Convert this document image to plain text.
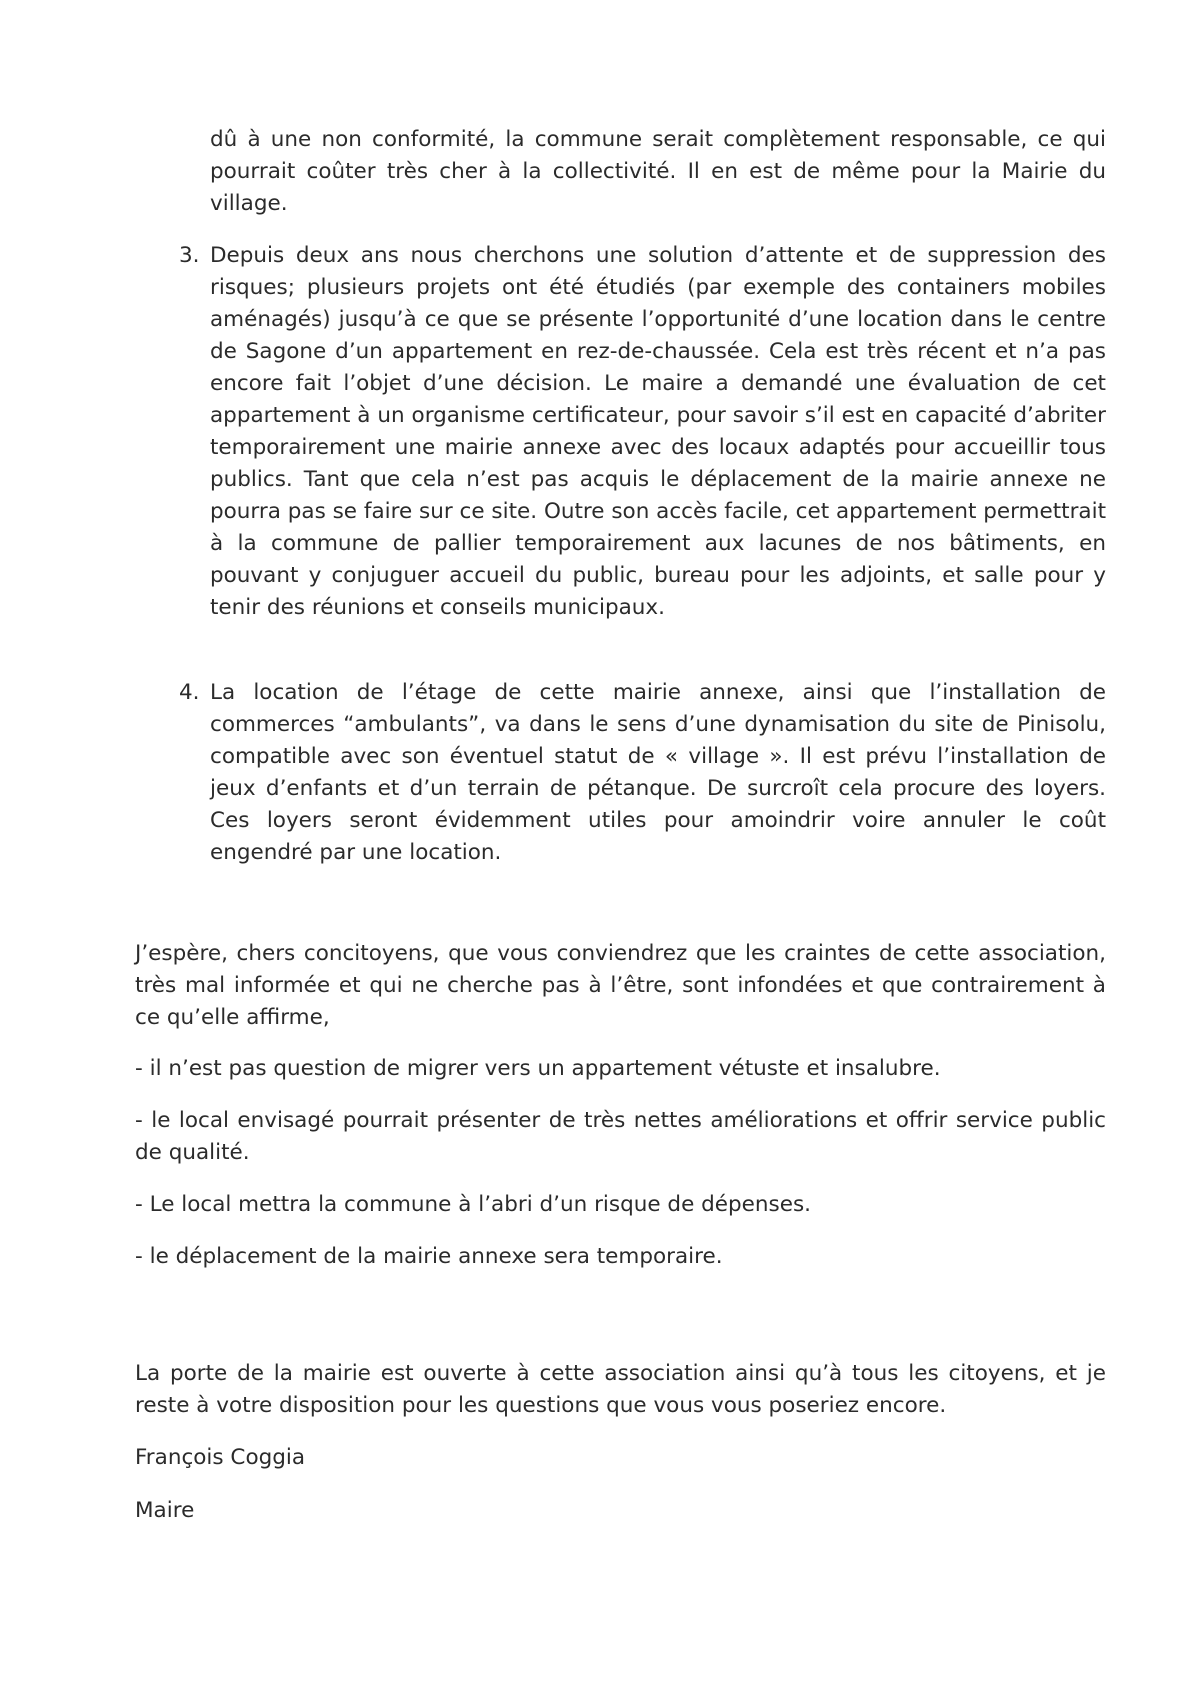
dû à une non conformité, la commune serait complètement responsable, ce qui pourrait coûter très cher à la collectivité. Il en est de même pour la Mairie du village.

3. Depuis deux ans nous cherchons une solution d’attente et de suppression des risques; plusieurs projets ont été étudiés (par exemple des containers mobiles aménagés) jusqu’à ce que se présente l’opportunité d’une location dans le centre de Sagone d’un appartement en rez-de-chaussée. Cela est très récent et n’a pas encore fait l’objet d’une décision. Le maire a demandé une évaluation de cet appartement à un organisme certificateur, pour savoir s’il est en capacité d’abriter temporairement une mairie annexe avec des locaux adaptés pour accueillir tous publics. Tant que cela n’est pas acquis le déplacement de la mairie annexe ne pourra pas se faire sur ce site. Outre son accès facile, cet appartement permettrait à la commune de pallier temporairement aux lacunes de nos bâtiments, en pouvant y conjuguer accueil du public, bureau pour les adjoints, et salle pour y tenir des réunions et conseils municipaux.

4. La location de l’étage de cette mairie annexe, ainsi que l’installation de commerces “ambulants”, va dans le sens d’une dynamisation du site de Pinisolu, compatible avec son éventuel statut de « village ». Il est prévu l’installation de jeux d’enfants et d’un terrain de pétanque. De surcroît cela procure des loyers. Ces loyers seront évidemment utiles pour amoindrir voire annuler le coût engendré par une location.

J’espère, chers concitoyens, que vous conviendrez que les craintes de cette association, très mal informée et qui ne cherche pas à l’être, sont infondées et que contrairement à ce qu’elle affirme,

- il n’est pas question de migrer vers un appartement vétuste et insalubre.

- le local envisagé pourrait présenter de très nettes améliorations et offrir service public de qualité.

- Le local mettra la commune à l’abri d’un risque de dépenses.

- le déplacement de la mairie annexe sera temporaire.

La porte de la mairie est ouverte à cette association ainsi qu’à tous les citoyens, et je reste à votre disposition pour les questions que vous vous poseriez encore.

François Coggia

Maire
